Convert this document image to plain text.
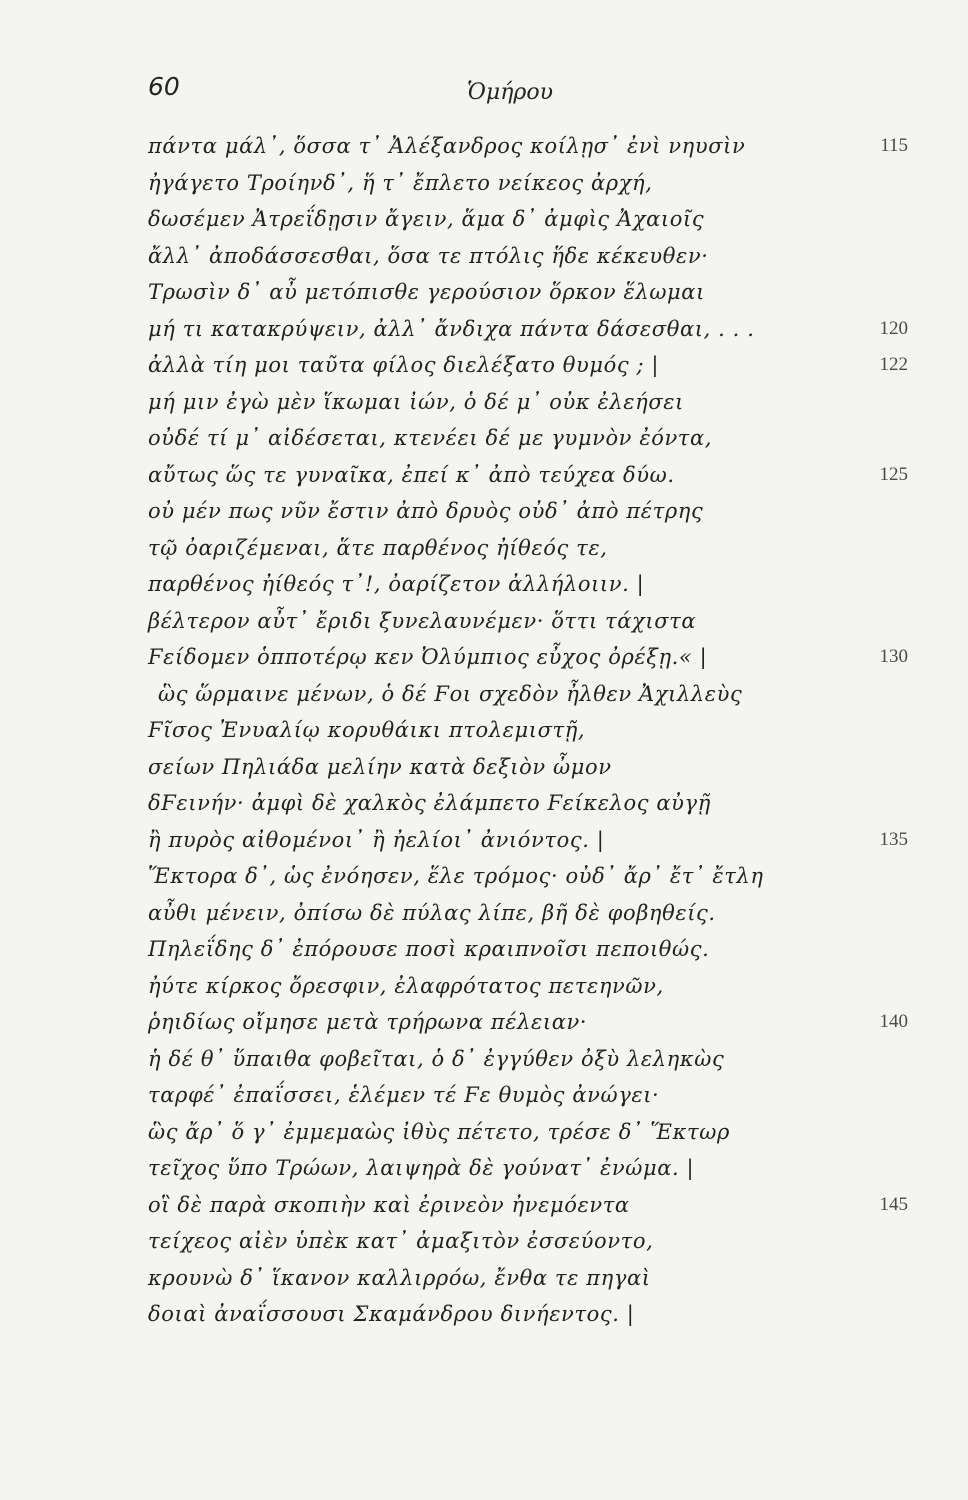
60	Ὁμήρου
πάντα μάλ᾽, ὅσσα τ᾽ Ἀλέξανδρος κοίλῃσ᾽ ἐνὶ νηυσὶν	115
ἠγάγετο Τροίηνδ᾽, ἥ τ᾽ ἔπλετο νείκεος ἀρχή,
δωσέμεν Ἀτρεΐδῃσιν ἄγειν, ἅμα δ᾽ ἀμφὶς Ἀχαιοῖς
ἄλλ᾽ ἀποδάσσεσθαι, ὅσα τε πτόλις ἥδε κέκευθεν·
Τρωσὶν δ᾽ αὖ μετόπισθε γερούσιον ὅρκον ἕλωμαι
μή τι κατακρύψειν, ἀλλ᾽ ἄνδιχα πάντα δάσεσθαι, . . .	120
ἀλλὰ τίη μοι ταῦτα φίλος διελέξατο θυμός ; |	122
μή μιν ἐγὼ μὲν ἵκωμαι ἰών, ὁ δέ μ᾽ οὐκ ἐλεήσει
οὐδέ τί μ᾽ αἰδέσεται, κτενέει δέ με γυμνὸν ἐόντα,
αὔτως ὥς τε γυναῖκα, ἐπεί κ᾽ ἀπὸ τεύχεα δύω.	125
οὐ μέν πως νῦν ἔστιν ἀπὸ δρυὸς οὐδ᾽ ἀπὸ πέτρης
τῷ ὀαριζέμεναι, ἅτε παρθένος ἠίθεός τε,
παρθένος ἠίθεός τ᾽!, ὀαρίζετον ἀλλήλοιιν. |
βέλτερον αὖτ᾽ ἔριδι ξυνελαυνέμεν· ὅττι τάχιστα
Ϝείδομεν ὁπποτέρῳ κεν Ὀλύμπιος εὖχος ὀρέξῃ.« |	130
ὣς ὥρμαινε μένων, ὁ δέ Ϝοι σχεδὸν ἦλθεν Ἀχιλλεὺς
Ϝῖσος Ἐνυαλίῳ κορυθάικι πτολεμιστῇ,
σείων Πηλιάδα μελίην κατὰ δεξιὸν ὦμον
δϜεινήν· ἀμφὶ δὲ χαλκὸς ἐλάμπετο Ϝείκελος αὐγῇ
ἢ πυρὸς αἰθομένοι᾽ ἢ ἠελίοι᾽ ἀνιόντος. |	135
Ἕκτορα δ᾽, ὡς ἐνόησεν, ἕλε τρόμος· οὐδ᾽ ἄρ᾽ ἔτ᾽ ἔτλη
αὖθι μένειν, ὀπίσω δὲ πύλας λίπε, βῆ δὲ φοβηθείς.
Πηλεΐδης δ᾽ ἐπόρουσε ποσὶ κραιπνοῖσι πεποιθώς.
ἠύτε κίρκος ὄρεσφιν, ἐλαφρότατος πετεηνῶν,
ῥηιδίως οἴμησε μετὰ τρήρωνα πέλειαν·	140
ἡ δέ θ᾽ ὕπαιθα φοβεῖται, ὁ δ᾽ ἐγγύθεν ὀξὺ λεληκὼς
ταρφέ᾽ ἐπαΐσσει, ἑλέμεν τέ Ϝε θυμὸς ἀνώγει·
ὣς ἄρ᾽ ὅ γ᾽ ἐμμεμαὼς ἰθὺς πέτετο, τρέσε δ᾽ Ἕκτωρ
τεῖχος ὕπο Τρώων, λαιψηρὰ δὲ γούνατ᾽ ἐνώμα. |
οἳ δὲ παρὰ σκοπιὴν καὶ ἐρινεὸν ἠνεμόεντα	145
τείχεος αἰὲν ὑπὲκ κατ᾽ ἀμαξιτὸν ἐσσεύοντο,
κρουνὼ δ᾽ ἵκανον καλλιρρόω, ἔνθα τε πηγαὶ
δοιαὶ ἀναΐσσουσι Σκαμάνδρου δινήεντος. |
